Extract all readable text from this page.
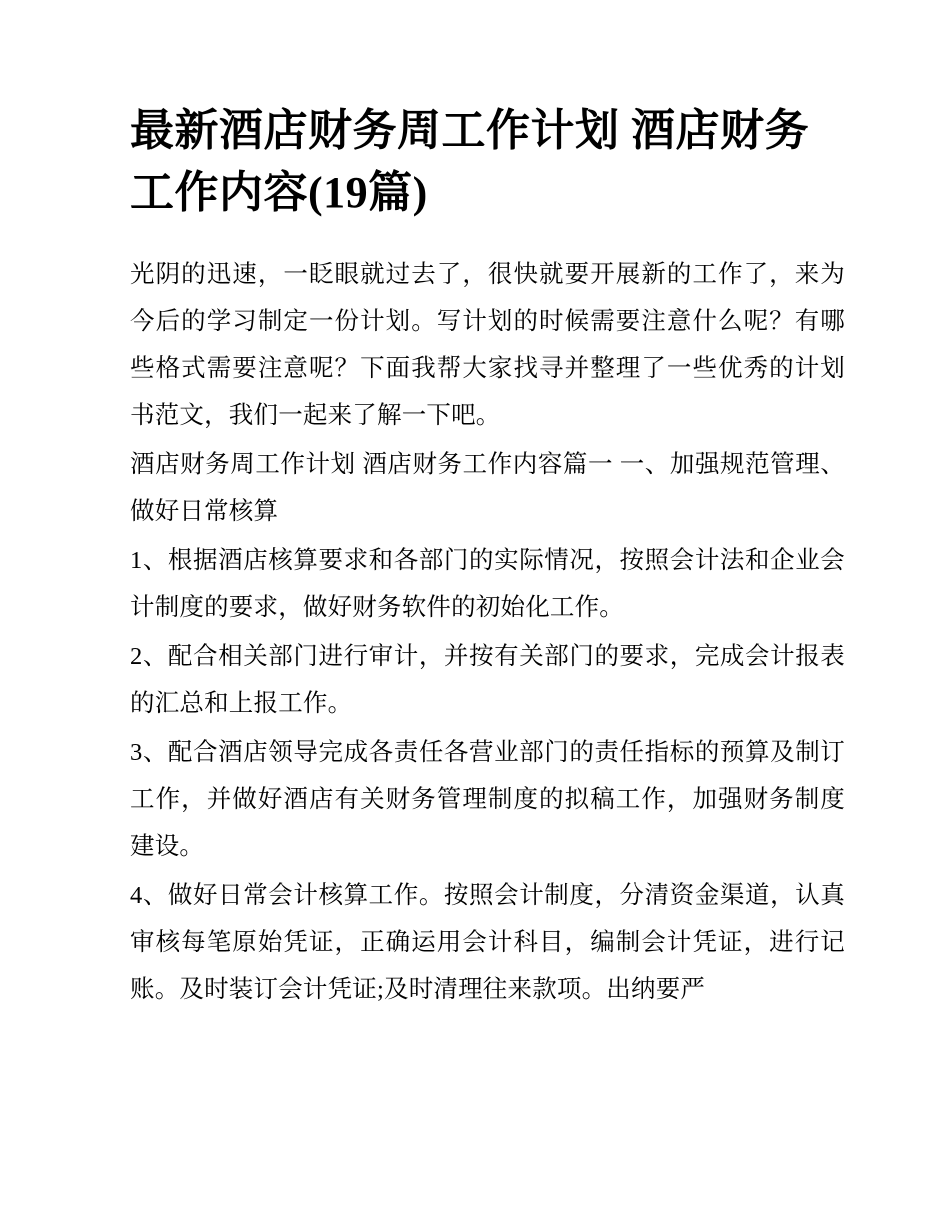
最新酒店财务周工作计划 酒店财务工作内容(19篇)

光阴的迅速，一眨眼就过去了，很快就要开展新的工作了，来为今后的学习制定一份计划。写计划的时候需要注意什么呢？有哪些格式需要注意呢？下面我帮大家找寻并整理了一些优秀的计划书范文，我们一起来了解一下吧。

酒店财务周工作计划 酒店财务工作内容篇一 一、加强规范管理、做好日常核算

1、根据酒店核算要求和各部门的实际情况，按照会计法和企业会计制度的要求，做好财务软件的初始化工作。

2、配合相关部门进行审计，并按有关部门的要求，完成会计报表的汇总和上报工作。

3、配合酒店领导完成各责任各营业部门的责任指标的预算及制订工作，并做好酒店有关财务管理制度的拟稿工作，加强财务制度建设。

4、做好日常会计核算工作。按照会计制度，分清资金渠道，认真审核每笔原始凭证，正确运用会计科目，编制会计凭证，进行记账。及时装订会计凭证;及时清理往来款项。出纳要严
